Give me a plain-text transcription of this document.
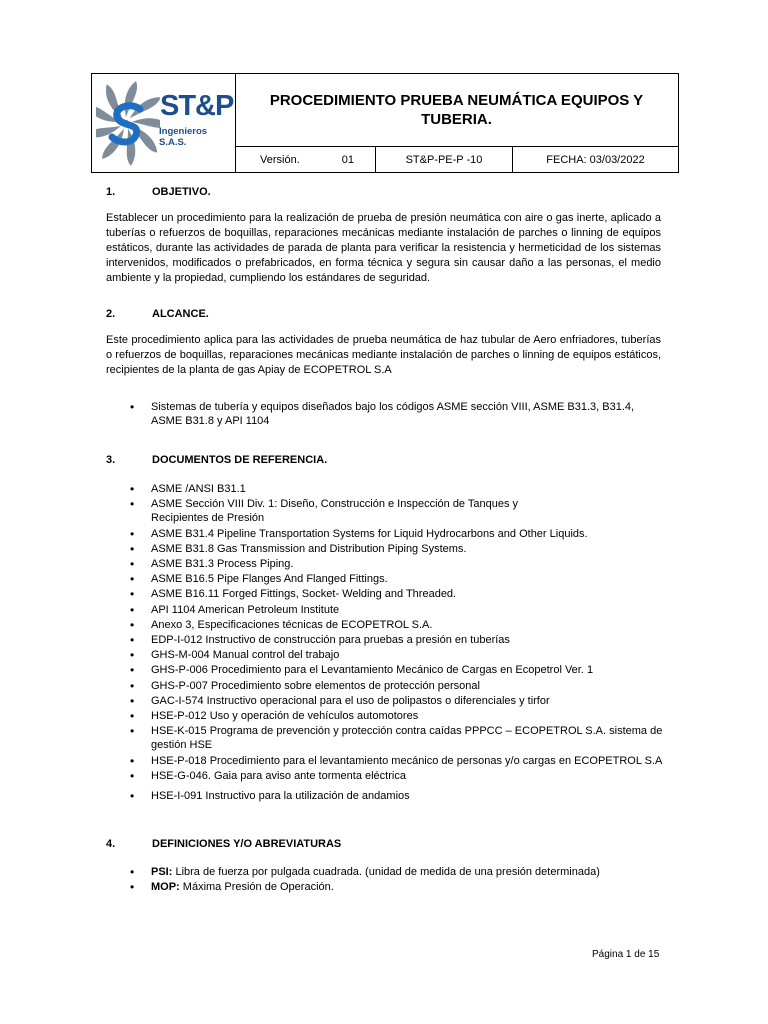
ST&P
Ingenieros S.A.S.
PROCEDIMIENTO PRUEBA NEUMÁTICA EQUIPOS Y TUBERIA.
Versión.	01	ST&P-PE-P -10	FECHA: 03/03/2022
1.	OBJETIVO.
Establecer un procedimiento para la realización de prueba de presión neumática con aire o gas inerte, aplicado a tuberías o refuerzos de boquillas, reparaciones mecánicas mediante instalación de parches o linning de equipos estáticos, durante las actividades de parada de planta para verificar la resistencia y hermeticidad de los sistemas intervenidos, modificados o prefabricados, en forma técnica y segura sin causar daño a las personas, el medio ambiente y la propiedad, cumpliendo los estándares de seguridad.
2.	ALCANCE.
Este procedimiento aplica para las actividades de prueba neumática de haz tubular de Aero enfriadores, tuberías o refuerzos de boquillas, reparaciones mecánicas mediante instalación de parches o linning de equipos estáticos, recipientes de la planta de gas Apiay de ECOPETROL S.A
• Sistemas de tubería y equipos diseñados bajo los códigos ASME sección VIII, ASME B31.3, B31.4, ASME B31.8 y API 1104
3.	DOCUMENTOS DE REFERENCIA.
• ASME /ANSI B31.1
• ASME Sección VIII Div. 1: Diseño, Construcción e Inspección de Tanques y Recipientes de Presión
• ASME B31.4 Pipeline Transportation Systems for Liquid Hydrocarbons and Other Liquids.
• ASME B31.8 Gas Transmission and Distribution Piping Systems.
• ASME B31.3 Process Piping.
• ASME B16.5 Pipe Flanges And Flanged Fittings.
• ASME B16.11 Forged Fittings, Socket- Welding and Threaded.
• API 1104 American Petroleum Institute
• Anexo 3, Especificaciones técnicas de ECOPETROL S.A.
• EDP-I-012 Instructivo de construcción para pruebas a presión en tuberías
• GHS-M-004 Manual control del trabajo
• GHS-P-006 Procedimiento para el Levantamiento Mecánico de Cargas en Ecopetrol Ver. 1
• GHS-P-007 Procedimiento sobre elementos de protección personal
• GAC-I-574 Instructivo operacional para el uso de polipastos o diferenciales y tirfor
• HSE-P-012 Uso y operación de vehículos automotores
• HSE-K-015 Programa de prevención y protección contra caídas PPPCC – ECOPETROL S.A. sistema de gestión HSE
• HSE-P-018 Procedimiento para el levantamiento mecánico de personas y/o cargas en ECOPETROL S.A
• HSE-G-046. Gaia para aviso ante tormenta eléctrica
• HSE-I-091 Instructivo para la utilización de andamios
4.	DEFINICIONES Y/O ABREVIATURAS
• PSI: Libra de fuerza por pulgada cuadrada. (unidad de medida de una presión determinada)
• MOP: Máxima Presión de Operación.
Página 1 de 15
